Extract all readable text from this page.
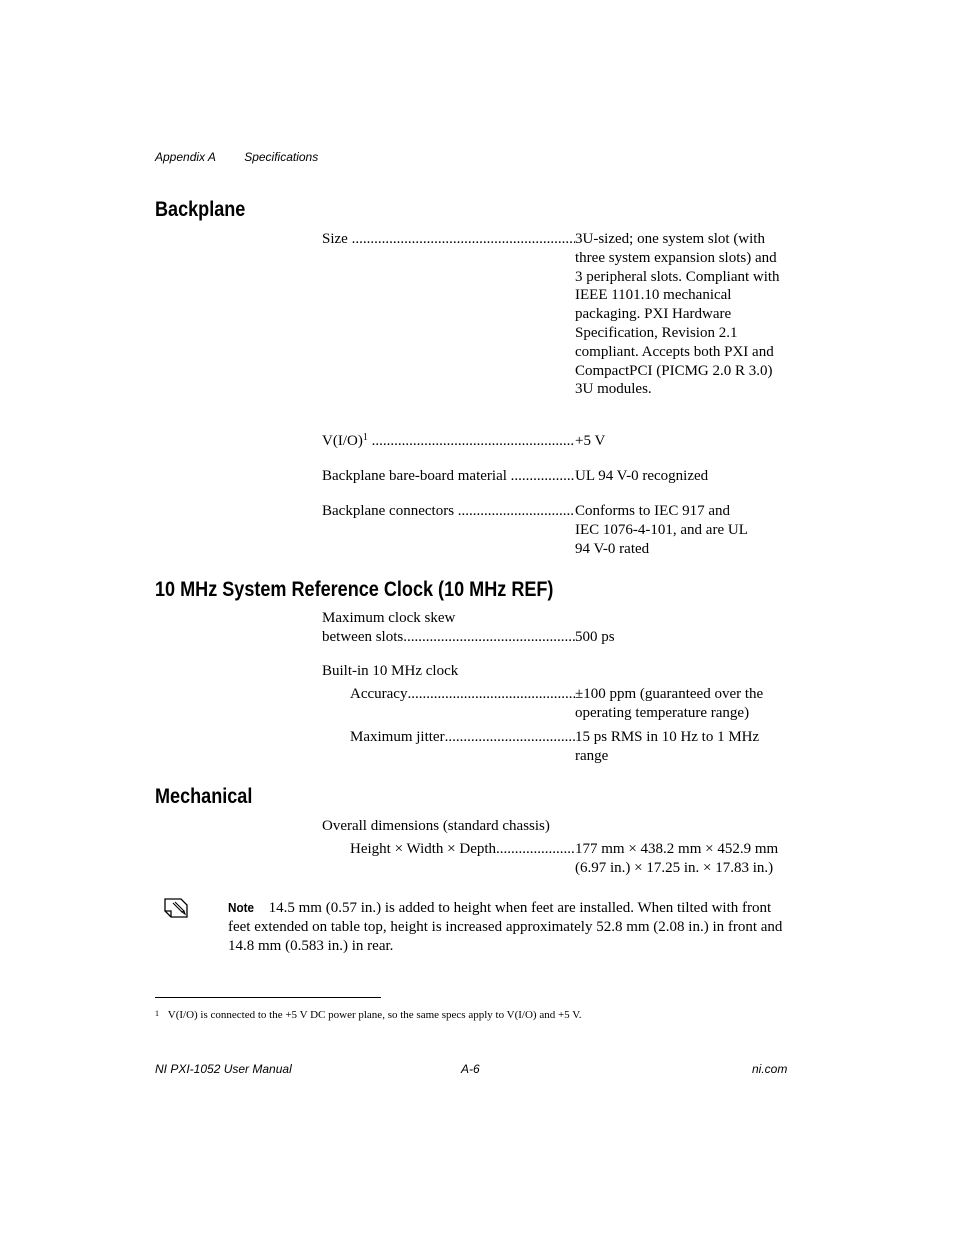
Appendix A Specifications
Backplane
Size
.....	3U-sized; one system slot (with three system expansion slots) and 3 peripheral slots. Compliant with IEEE 1101.10 mechanical packaging. PXI Hardware Specification, Revision 2.1 compliant. Accepts both PXI and CompactPCI (PICMG 2.0 R 3.0) 3U modules.
$V(I/O)^1$
.....	+5 V
Backplane bare-board material
.....	UL 94 V-0 recognized
Backplane connectors
.....	Conforms to IEC 917 and IEC 1076-4-101, and are UL 94 V-0 rated
10 MHz System Reference Clock (10 MHz REF)
Maximum clock skew
between slots .....	500 ps
Built-in 10 MHz clock
Accuracy .....	±100 ppm (guaranteed over the operating temperature range)
Maximum jitter .....	15 ps RMS in 10 Hz to 1 MHz range
Mechanical
Overall dimensions (standard chassis)
Height × Width × Depth .....	177 mm × 438.2 mm × 452.9 mm (6.97 in.) × 17.25 in. × 17.83 in.)
Note 14.5 mm (0.57 in.) is added to height when feet are installed. When tilted with front feet extended on table top, height is increased approximately 52.8 mm (2.08 in.) in front and 14.8 mm (0.583 in.) in rear.
$^1$ V(I/O) is connected to the +5 V DC power plane, so the same specs apply to V(I/O) and +5 V.
NI PXI-1052 User Manual	A-6	ni.com
